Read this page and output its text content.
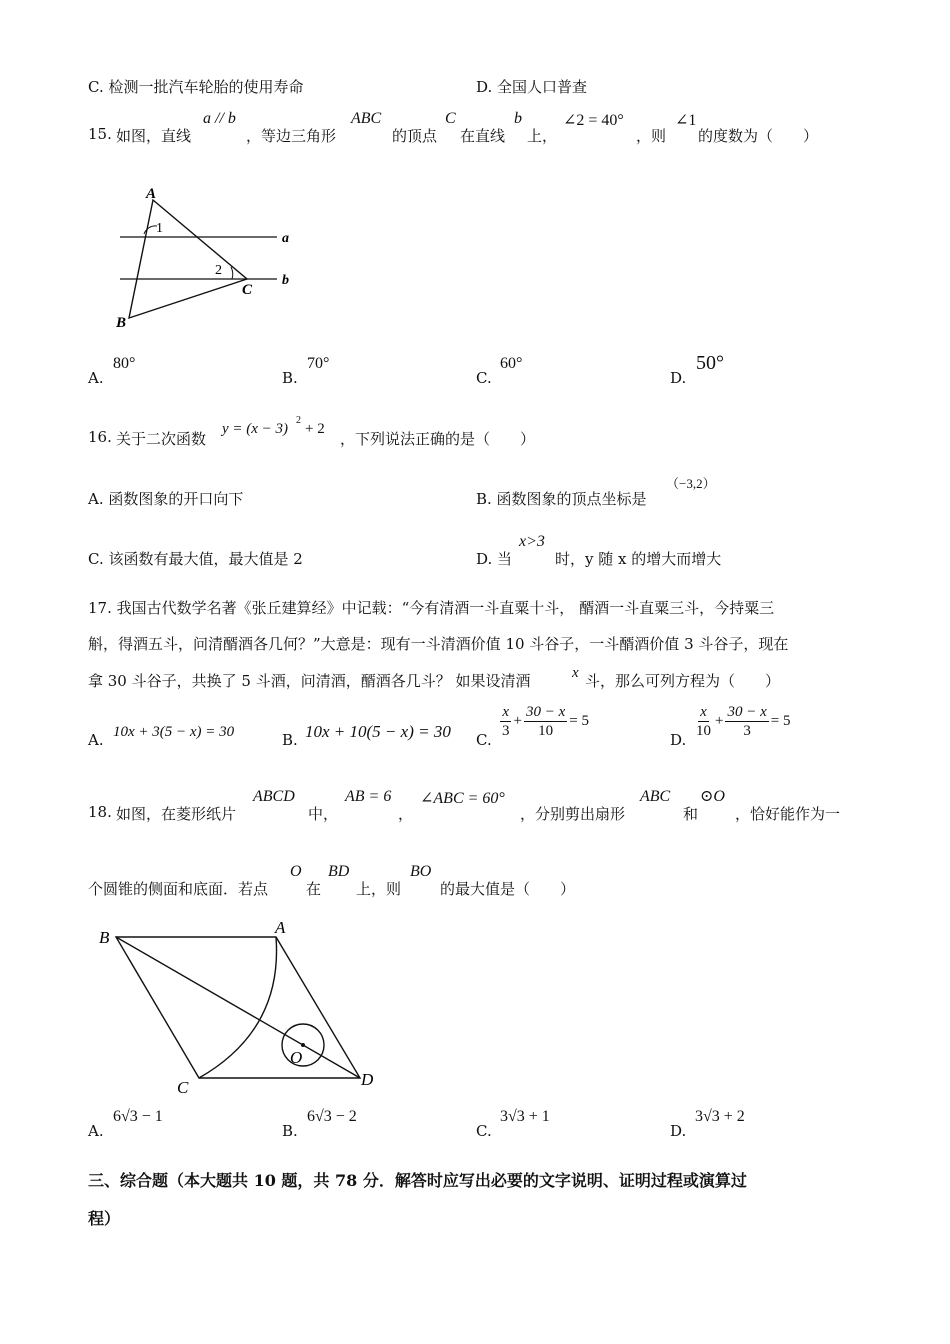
C. 检测一批汽车轮胎的使用寿命	D. 全国人口普查
15. 如图，直线
a // b
，等边三角形
ABC
的顶点
C
在直线
b
上，
∠2 = 40°
，则
∠1
的度数为（　　）
A
B
C
a
b
1
2
A.
80°
B.
70°
C.
60°
D.
50°
16. 关于二次函数
y = (x − 3)
2
+ 2
，下列说法正确的是（　　）
A. 函数图象的开口向下	B. 函数图象的顶点坐标是
（−3,2）
C. 该函数有最大值，最大值是 2	D. 当
x>3
时，y 随 x 的增大而增大
17. 我国古代数学名著《张丘建算经》中记载：“今有清酒一斗直粟十斗， 醑酒一斗直粟三斗，今持粟三
斛，得酒五斗，问清醑酒各几何？”大意是：现有一斗清酒价值 10 斗谷子，一斗醑酒价值 3 斗谷子，现在
拿 30 斗谷子，共换了 5 斗酒，问清酒，醑酒各几斗？ 如果设清酒	x 斗，那么可列方程为（　　）
A. 10x + 3(5 − x) = 30	B. 10x + 10(5 − x) = 30 C. $\frac{x}{3} + \frac{30 - x}{10} = 5$
D. $\frac{x}{10} + \frac{30 - x}{3} = 5$
18. 如图，在菱形纸片
ABCD
中，
AB = 6
，
∠ABC = 60°
，分别剪出扇形
ABC
和
⊙O
，恰好能作为一
个圆锥的侧面和底面．若点
O
在
BD
上，则
BO
的最大值是（　　）
B
A
C	D
O
A.
6√3 − 1
B.
6√3 − 2
C.
3√3 + 1
D.
3√3 + 2
三、综合题（本大题共 10 题，共 78 分．解答时应写出必要的文字说明、证明过程或演算过
程）
